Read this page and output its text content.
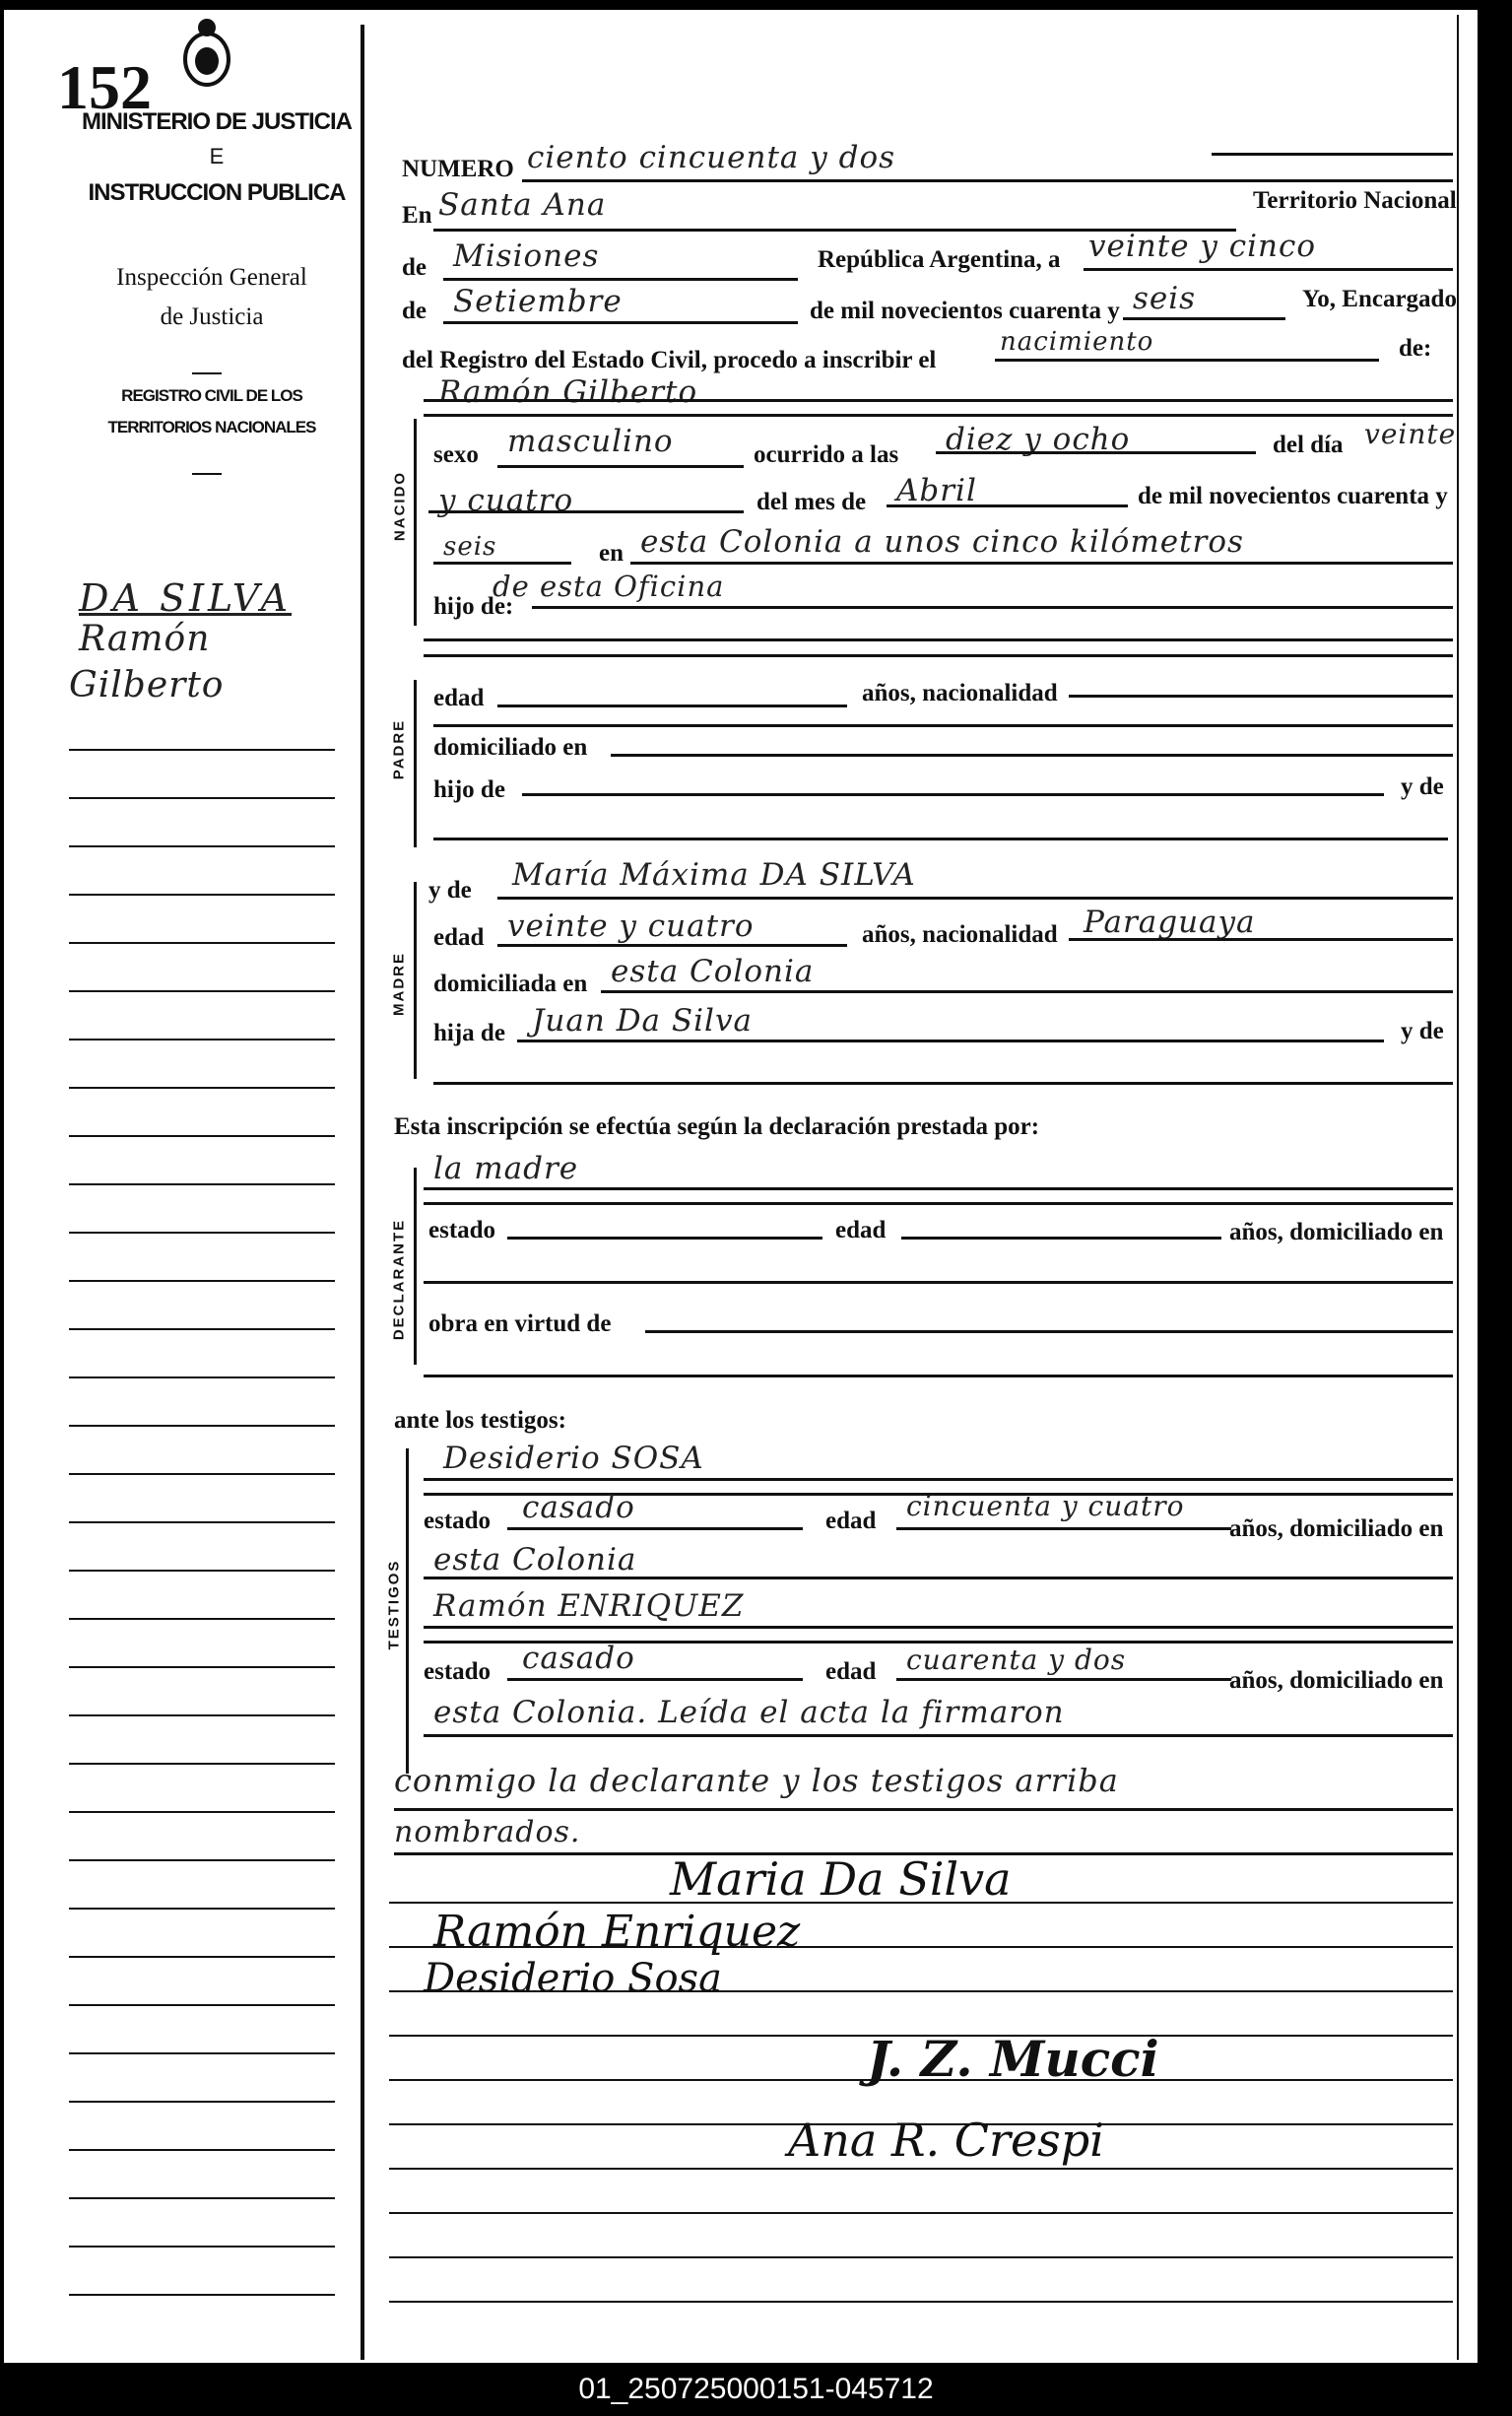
152
MINISTERIO DE JUSTICIA
E
INSTRUCCION PUBLICA
Inspección General
de Justicia
REGISTRO CIVIL DE LOS
TERRITORIOS NACIONALES
DA SILVA
Ramón
Gilberto
NUMERO ciento cincuenta y dos
En Santa Ana	Territorio Nacional
de Misiones	República Argentina, a veinte y cinco
de Setiembre	de mil novecientos cuarenta y seis	Yo, Encargado
del Registro del Estado Civil, procedo a inscribir el
nacimiento	de:
Ramón Gilberto
NACIDO
sexo masculino	ocurrido a las diez y ocho	del día veinte
y cuatro	del mes de Abril	de mil novecientos cuarenta y
seis	en esta Colonia a unos cinco kilómetros
de esta Oficina
hijo de:
PADRE
edad	años, nacionalidad
domiciliado en
hijo de	y de
MADRE
y de María Máxima DA SILVA
edad veinte y cuatro	años, nacionalidad Paraguaya
domiciliada en esta Colonia
hija de Juan Da Silva	y de
Esta inscripción se efectúa según la declaración prestada por:
DECLARANTE
la madre
estado	edad	años, domiciliado en
obra en virtud de
ante los testigos:
TESTIGOS
Desiderio SOSA
estado casado	edad cincuenta y cuatro
años, domiciliado en
esta Colonia
Ramón ENRIQUEZ
estado casado	edad cuarenta y dos
años, domiciliado en
esta Colonia. Leída el acta la firmaron
conmigo la declarante y los testigos arriba
nombrados.
Maria Da Silva
Ramón Enriquez
Desiderio Sosa
J. Z. Mucci
Ana R. Crespi
01_250725000151-045712
